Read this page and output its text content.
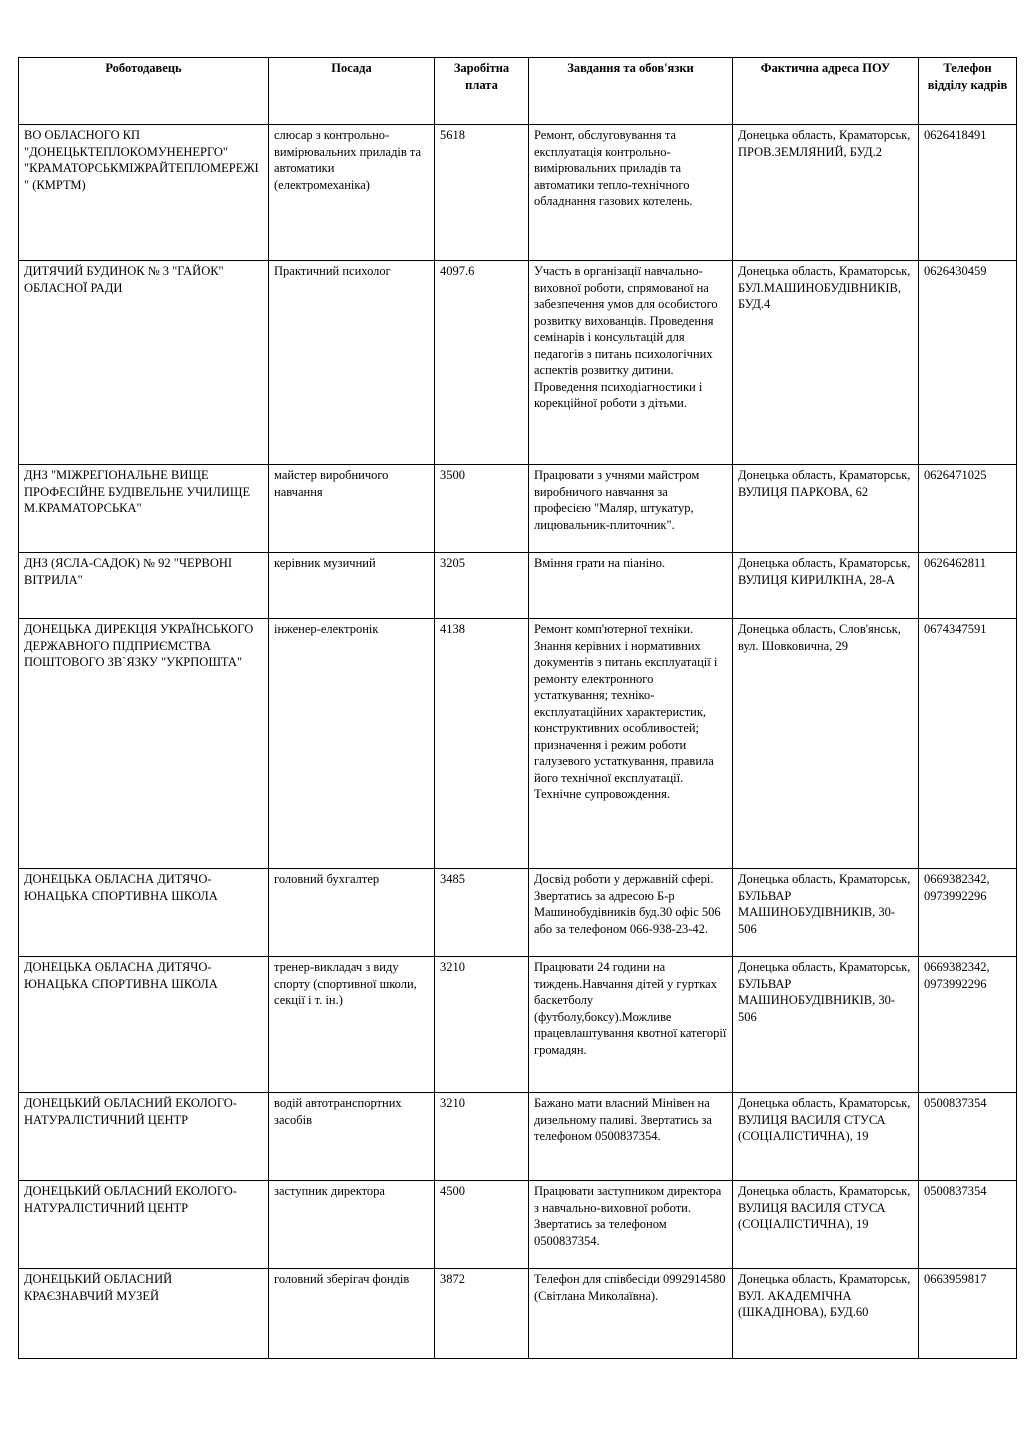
Роботодавець	Посада	Заробітна плата	Завдання та обов'язки	Фактична адреса ПОУ	Телефон відділу кадрів
ВО ОБЛАСНОГО КП "ДОНЕЦЬКТЕПЛОКОМУНЕНЕРГО" "КРАМАТОРСЬКМІЖРАЙТЕПЛОМЕРЕЖІ" (КМРТМ)	слюсар з контрольно-вимірювальних приладів та автоматики (електромеханіка)	5618	Ремонт, обслуговування та експлуатація контрольно-вимірювальних приладів та автоматики тепло-технічного обладнання газових котелень.	Донецька область, Краматорськ, ПРОВ.ЗЕМЛЯНИЙ, БУД.2	0626418491
ДИТЯЧИЙ БУДИНОК № 3 "ГАЙОК" ОБЛАСНОЇ РАДИ	Практичний психолог	4097.6	Участь в організації навчально-виховної роботи, спрямованої на забезпечення умов для особистого розвитку вихованців. Проведення семінарів і консультацій для педагогів з питань психологічних аспектів розвитку дитини. Проведення психодіагностики і корекційної роботи з дітьми.	Донецька область, Краматорськ, БУЛ.МАШИНОБУДІВНИКІВ, БУД.4	0626430459
ДНЗ "МІЖРЕГІОНАЛЬНЕ ВИЩЕ ПРОФЕСІЙНЕ БУДІВЕЛЬНЕ УЧИЛИЩЕ М.КРАМАТОРСЬКА"	майстер виробничого навчання	3500	Працювати з учнями майстром виробничого навчання за професією "Маляр, штукатур, лицювальник-плиточник".	Донецька область, Краматорськ, ВУЛИЦЯ ПАРКОВА, 62	0626471025
ДНЗ (ЯСЛА-САДОК) № 92 "ЧЕРВОНІ ВІТРИЛА"	керівник музичний	3205	Вміння грати на піаніно.	Донецька область, Краматорськ, ВУЛИЦЯ КИРИЛКІНА, 28-А	0626462811
ДОНЕЦЬКА ДИРЕКЦІЯ УКРАЇНСЬКОГО ДЕРЖАВНОГО ПІДПРИЄМСТВА ПОШТОВОГО ЗВ`ЯЗКУ "УКРПОШТА"	інженер-електронік	4138	Ремонт комп'ютерної техніки. Знання керівних і нормативних документів з питань експлуатації і ремонту електронного устаткування; техніко-експлуатаційних характеристик, конструктивних особливостей; призначення і режим роботи галузевого устаткування, правила його технічної експлуатації. Технічне супровождення.	Донецька область, Слов'янськ, вул. Шовковична, 29	0674347591
ДОНЕЦЬКА ОБЛАСНА ДИТЯЧО-ЮНАЦЬКА СПОРТИВНА ШКОЛА	головний бухгалтер	3485	Досвід роботи у державній сфері. Звертатись за адресою Б-р Машинобудівників буд.30 офіс 506 або за телефоном 066-938-23-42.	Донецька область, Краматорськ, БУЛЬВАР МАШИНОБУДІВНИКІВ, 30-506	0669382342, 0973992296
ДОНЕЦЬКА ОБЛАСНА ДИТЯЧО-ЮНАЦЬКА СПОРТИВНА ШКОЛА	тренер-викладач з виду спорту (спортивної школи, секції і т. ін.)	3210	Працювати 24 години на тиждень.Навчання дітей у гуртках баскетболу (футболу,боксу).Можливе працевлаштування квотної категорії громадян.	Донецька область, Краматорськ, БУЛЬВАР МАШИНОБУДІВНИКІВ, 30-506	0669382342, 0973992296
ДОНЕЦЬКИЙ ОБЛАСНИЙ ЕКОЛОГО-НАТУРАЛІСТИЧНИЙ ЦЕНТР	водій автотранспортних засобів	3210	Бажано мати власний Мінівен на дизельному паливі. Звертатись за телефоном 0500837354.	Донецька область, Краматорськ, ВУЛИЦЯ ВАСИЛЯ СТУСА (СОЦІАЛІСТИЧНА), 19	0500837354
ДОНЕЦЬКИЙ ОБЛАСНИЙ ЕКОЛОГО-НАТУРАЛІСТИЧНИЙ ЦЕНТР	заступник директора	4500	Працювати заступником директора з навчально-виховної роботи. Звертатись за телефоном 0500837354.	Донецька область, Краматорськ, ВУЛИЦЯ ВАСИЛЯ СТУСА (СОЦІАЛІСТИЧНА), 19	0500837354
ДОНЕЦЬКИЙ ОБЛАСНИЙ КРАЄЗНАВЧИЙ МУЗЕЙ	головний зберігач фондів	3872	Телефон для співбесіди 0992914580 (Світлана Миколаївна).	Донецька область, Краматорськ, ВУЛ. АКАДЕМІЧНА (ШКАДІНОВА), БУД.60	0663959817
